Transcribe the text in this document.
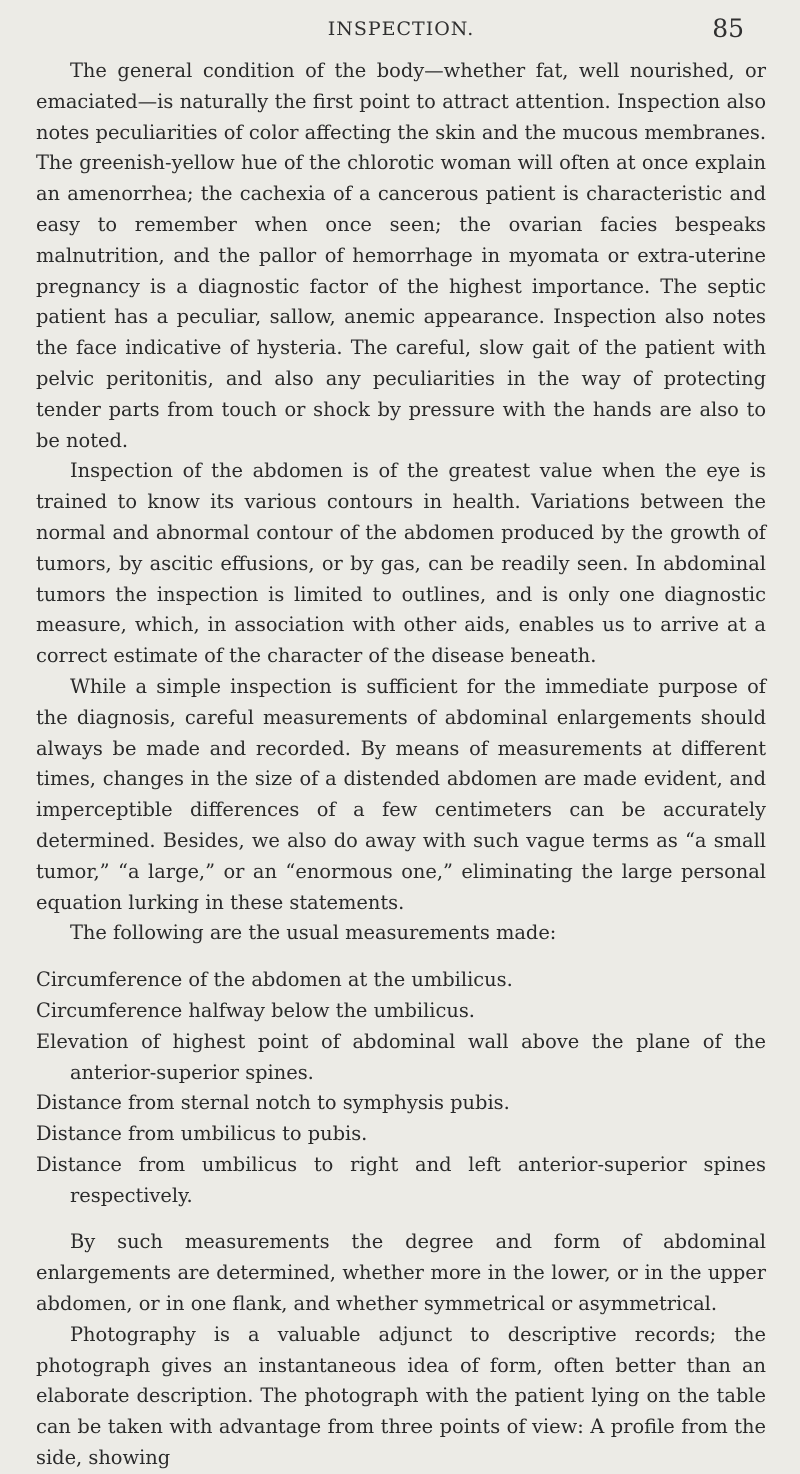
INSPECTION.	85

The general condition of the body—whether fat, well nourished, or emaciated—is naturally the first point to attract attention. Inspection also notes peculiarities of color affecting the skin and the mucous membranes. The greenish-yellow hue of the chlorotic woman will often at once explain an amenorrhea; the cachexia of a cancerous patient is characteristic and easy to remember when once seen; the ovarian facies bespeaks malnutrition, and the pallor of hemorrhage in myomata or extra-uterine pregnancy is a diagnostic factor of the highest importance. The septic patient has a peculiar, sallow, anemic appearance. Inspection also notes the face indicative of hysteria. The careful, slow gait of the patient with pelvic peritonitis, and also any peculiarities in the way of protecting tender parts from touch or shock by pressure with the hands are also to be noted.

Inspection of the abdomen is of the greatest value when the eye is trained to know its various contours in health. Variations between the normal and abnormal contour of the abdomen produced by the growth of tumors, by ascitic effusions, or by gas, can be readily seen. In abdominal tumors the inspection is limited to outlines, and is only one diagnostic measure, which, in association with other aids, enables us to arrive at a correct estimate of the character of the disease beneath.

While a simple inspection is sufficient for the immediate purpose of the diagnosis, careful measurements of abdominal enlargements should always be made and recorded. By means of measurements at different times, changes in the size of a distended abdomen are made evident, and imperceptible differences of a few centimeters can be accurately determined. Besides, we also do away with such vague terms as “a small tumor,” “a large,” or an “enormous one,” eliminating the large personal equation lurking in these statements.

The following are the usual measurements made:

Circumference of the abdomen at the umbilicus.
Circumference halfway below the umbilicus.
Elevation of highest point of abdominal wall above the plane of the anterior-superior spines.
Distance from sternal notch to symphysis pubis.
Distance from umbilicus to pubis.
Distance from umbilicus to right and left anterior-superior spines respectively.

By such measurements the degree and form of abdominal enlargements are determined, whether more in the lower, or in the upper abdomen, or in one flank, and whether symmetrical or asymmetrical.

Photography is a valuable adjunct to descriptive records; the photograph gives an instantaneous idea of form, often better than an elaborate description. The photograph with the patient lying on the table can be taken with advantage from three points of view: A profile from the side, showing
